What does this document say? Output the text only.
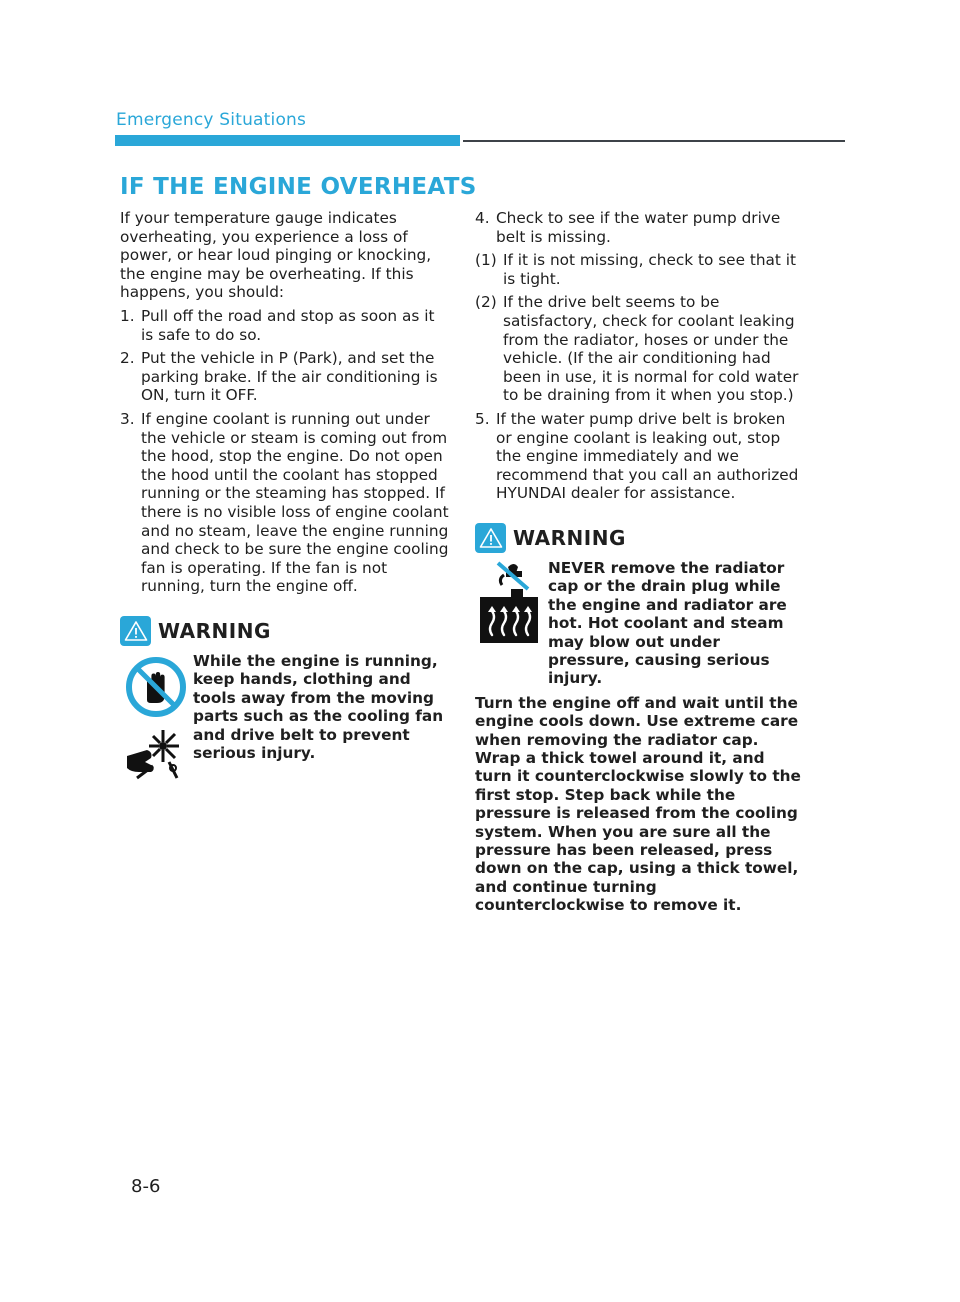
Emergency Situations
IF THE ENGINE OVERHEATS

If your temperature gauge indicates overheating, you experience a loss of power, or hear loud pinging or knocking, the engine may be overheating. If this happens, you should:

1. Pull off the road and stop as soon as it is safe to do so.
2. Put the vehicle in P (Park), and set the parking brake. If the air conditioning is ON, turn it OFF.
3. If engine coolant is running out under the vehicle or steam is coming out from the hood, stop the engine. Do not open the hood until the coolant has stopped running or the steaming has stopped. If there is no visible loss of engine coolant and no steam, leave the engine running and check to be sure the engine cooling fan is operating. If the fan is not running, turn the engine off.
WARNING
While the engine is running, keep hands, clothing and tools away from the moving parts such as the cooling fan and drive belt to prevent serious injury.
4. Check to see if the water pump drive belt is missing.
(1) If it is not missing, check to see that it is tight.
(2) If the drive belt seems to be satisfactory, check for coolant leaking from the radiator, hoses or under the vehicle. (If the air conditioning had been in use, it is normal for cold water to be draining from it when you stop.)
5. If the water pump drive belt is broken or engine coolant is leaking out, stop the engine immediately and we recommend that you call an authorized HYUNDAI dealer for assistance.
WARNING
NEVER remove the radiator cap or the drain plug while the engine and radiator are hot. Hot coolant and steam may blow out under pressure, causing serious injury.
Turn the engine off and wait until the engine cools down. Use extreme care when removing the radiator cap. Wrap a thick towel around it, and turn it counterclockwise slowly to the first stop. Step back while the pressure is released from the cooling system. When you are sure all the pressure has been released, press down on the cap, using a thick towel, and continue turning counterclockwise to remove it.
8-6
